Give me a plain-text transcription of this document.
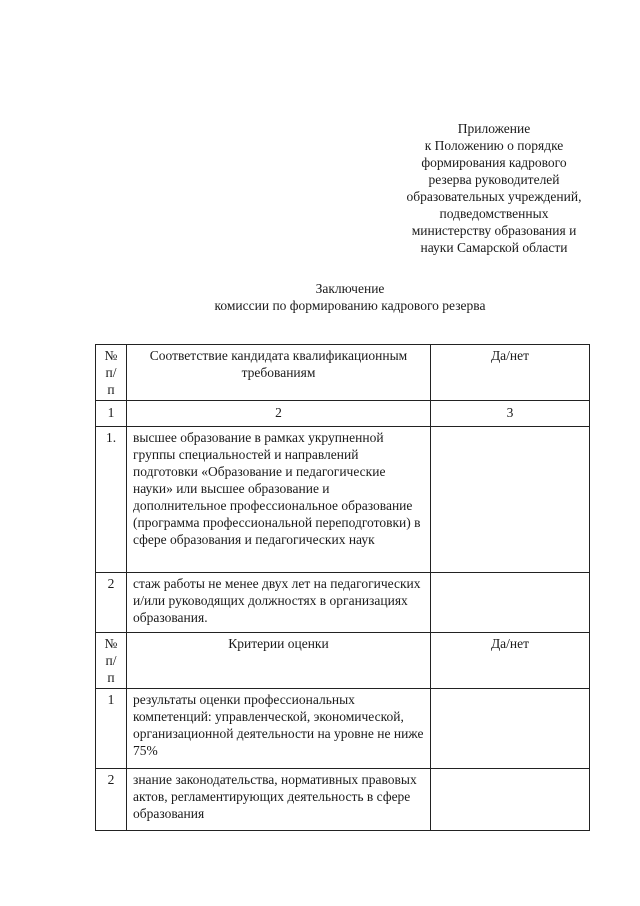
Приложение
к Положению о порядке
формирования кадрового
резерва руководителей
образовательных учреждений,
подведомственных
министерству образования и
науки Самарской области
Заключение
комиссии по формированию кадрового резерва
№ п/п	Соответствие кандидата квалификационным требованиям	Да/нет
1	2	3
1.	высшее образование в рамках укрупненной группы специальностей и направлений подготовки «Образование и педагогические науки» или высшее образование и дополнительное профессиональное образование (программа профессиональной переподготовки) в сфере образования и педагогических наук	
2	стаж работы не менее двух лет на педагогических и/или руководящих должностях в организациях образования.	
№ п/п	Критерии оценки	Да/нет
1	результаты оценки профессиональных компетенций: управленческой, экономической, организационной деятельности на уровне не ниже 75%	
2	знание законодательства, нормативных правовых актов, регламентирующих деятельность в сфере образования	
